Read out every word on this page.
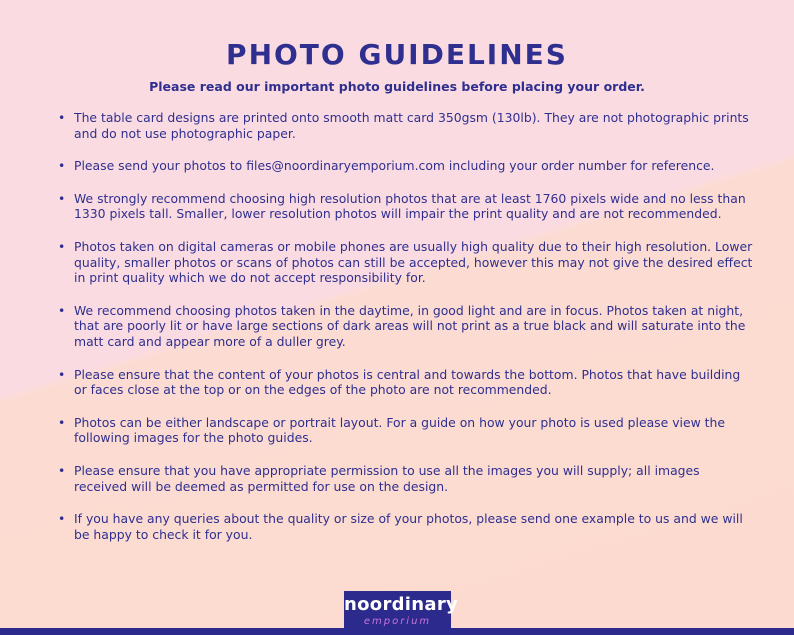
PHOTO GUIDELINES

Please read our important photo guidelines before placing your order.

• The table card designs are printed onto smooth matt card 350gsm (130lb). They are not photographic prints and do not use photographic paper.
• Please send your photos to files@noordinaryemporium.com including your order number for reference.
• We strongly recommend choosing high resolution photos that are at least 1760 pixels wide and no less than 1330 pixels tall. Smaller, lower resolution photos will impair the print quality and are not recommended.
• Photos taken on digital cameras or mobile phones are usually high quality due to their high resolution. Lower quality, smaller photos or scans of photos can still be accepted, however this may not give the desired effect in print quality which we do not accept responsibility for.
• We recommend choosing photos taken in the daytime, in good light and are in focus. Photos taken at night, that are poorly lit or have large sections of dark areas will not print as a true black and will saturate into the matt card and appear more of a duller grey.
• Please ensure that the content of your photos is central and towards the bottom. Photos that have building or faces close at the top or on the edges of the photo are not recommended.
• Photos can be either landscape or portrait layout. For a guide on how your photo is used please view the following images for the photo guides.
• Please ensure that you have appropriate permission to use all the images you will supply; all images received will be deemed as permitted for use on the design.
• If you have any queries about the quality or size of your photos, please send one example to us and we will be happy to check it for you.
noordinary
emporium
